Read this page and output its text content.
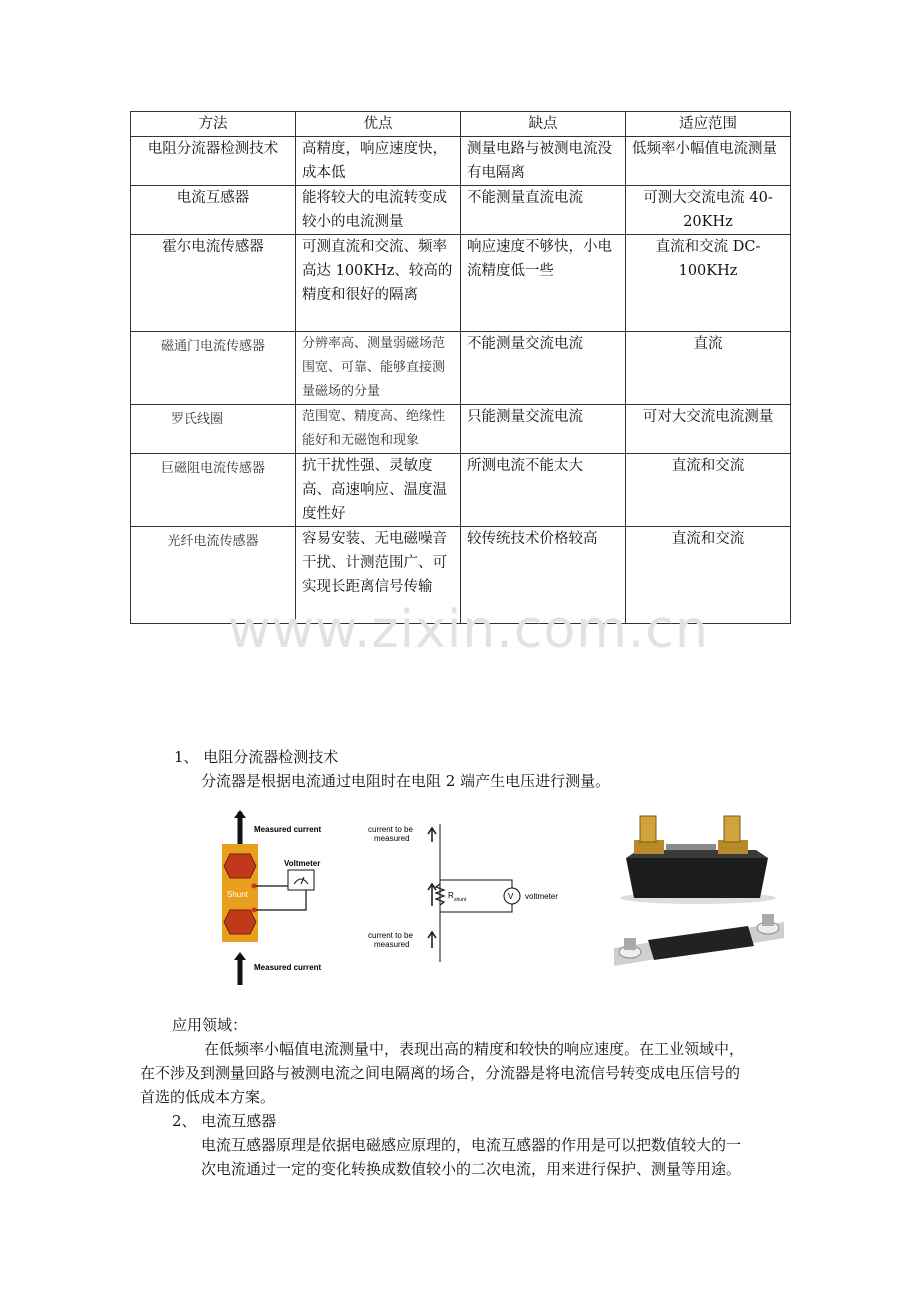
方法	优点	缺点	适应范围
电阻分流器检测技术	高精度，响应速度快，成本低	测量电路与被测电流没有电隔离	低频率小幅值电流测量
电流互感器	能将较大的电流转变成较小的电流测量	不能测量直流电流	可测大交流电流 40-20KHz
霍尔电流传感器	可测直流和交流、频率高达 100KHz、较高的精度和很好的隔离	响应速度不够快，小电流精度低一些	直流和交流 DC-100KHz
磁通门电流传感器	分辨率高、测量弱磁场范围宽、可靠、能够直接测量磁场的分量	不能测量交流电流	直流
罗氏线圈	范围宽、精度高、绝缘性能好和无磁饱和现象	只能测量交流电流	可对大交流电流测量
巨磁阻电流传感器	抗干扰性强、灵敏度高、高速响应、温度温度性好	所测电流不能太大	直流和交流
光纤电流传感器	容易安装、无电磁噪音干扰、计测范围广、可实现长距离信号传输	较传统技术价格较高	直流和交流
www.zixin.com.cn
1、 电阻分流器检测技术
分流器是根据电流通过电阻时在电阻 2 端产生电压进行测量。
Measured current
Measured current
Shunt
Voltmeter
current to be
measured
R shunt	V voltmeter
current to be
measured
应用领域：
在低频率小幅值电流测量中，表现出高的精度和较快的响应速度。在工业领域中，
在不涉及到测量回路与被测电流之间电隔离的场合，分流器是将电流信号转变成电压信号的
首选的低成本方案。
2、 电流互感器
电流互感器原理是依据电磁感应原理的，电流互感器的作用是可以把数值较大的一
次电流通过一定的变化转换成数值较小的二次电流，用来进行保护、测量等用途。
